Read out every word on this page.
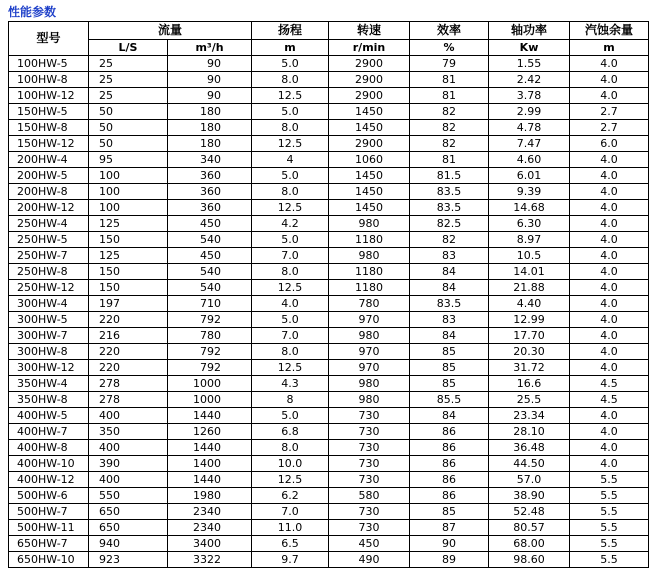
性能参数
型号	流量		扬程	转速	效率	轴功率	汽蚀余量
	L/S	m³/h	m	r/min	%	Kw	m
100HW-5	25	90	5.0	2900	79	1.55	4.0
100HW-8	25	90	8.0	2900	81	2.42	4.0
100HW-12	25	90	12.5	2900	81	3.78	4.0
150HW-5	50	180	5.0	1450	82	2.99	2.7
150HW-8	50	180	8.0	1450	82	4.78	2.7
150HW-12	50	180	12.5	2900	82	7.47	6.0
200HW-4	95	340	4	1060	81	4.60	4.0
200HW-5	100	360	5.0	1450	81.5	6.01	4.0
200HW-8	100	360	8.0	1450	83.5	9.39	4.0
200HW-12	100	360	12.5	1450	83.5	14.68	4.0
250HW-4	125	450	4.2	980	82.5	6.30	4.0
250HW-5	150	540	5.0	1180	82	8.97	4.0
250HW-7	125	450	7.0	980	83	10.5	4.0
250HW-8	150	540	8.0	1180	84	14.01	4.0
250HW-12	150	540	12.5	1180	84	21.88	4.0
300HW-4	197	710	4.0	780	83.5	4.40	4.0
300HW-5	220	792	5.0	970	83	12.99	4.0
300HW-7	216	780	7.0	980	84	17.70	4.0
300HW-8	220	792	8.0	970	85	20.30	4.0
300HW-12	220	792	12.5	970	85	31.72	4.0
350HW-4	278	1000	4.3	980	85	16.6	4.5
350HW-8	278	1000	8	980	85.5	25.5	4.5
400HW-5	400	1440	5.0	730	84	23.34	4.0
400HW-7	350	1260	6.8	730	86	28.10	4.0
400HW-8	400	1440	8.0	730	86	36.48	4.0
400HW-10	390	1400	10.0	730	86	44.50	4.0
400HW-12	400	1440	12.5	730	86	57.0	5.5
500HW-6	550	1980	6.2	580	86	38.90	5.5
500HW-7	650	2340	7.0	730	85	52.48	5.5
500HW-11	650	2340	11.0	730	87	80.57	5.5
650HW-7	940	3400	6.5	450	90	68.00	5.5
650HW-10	923	3322	9.7	490	89	98.60	5.5
